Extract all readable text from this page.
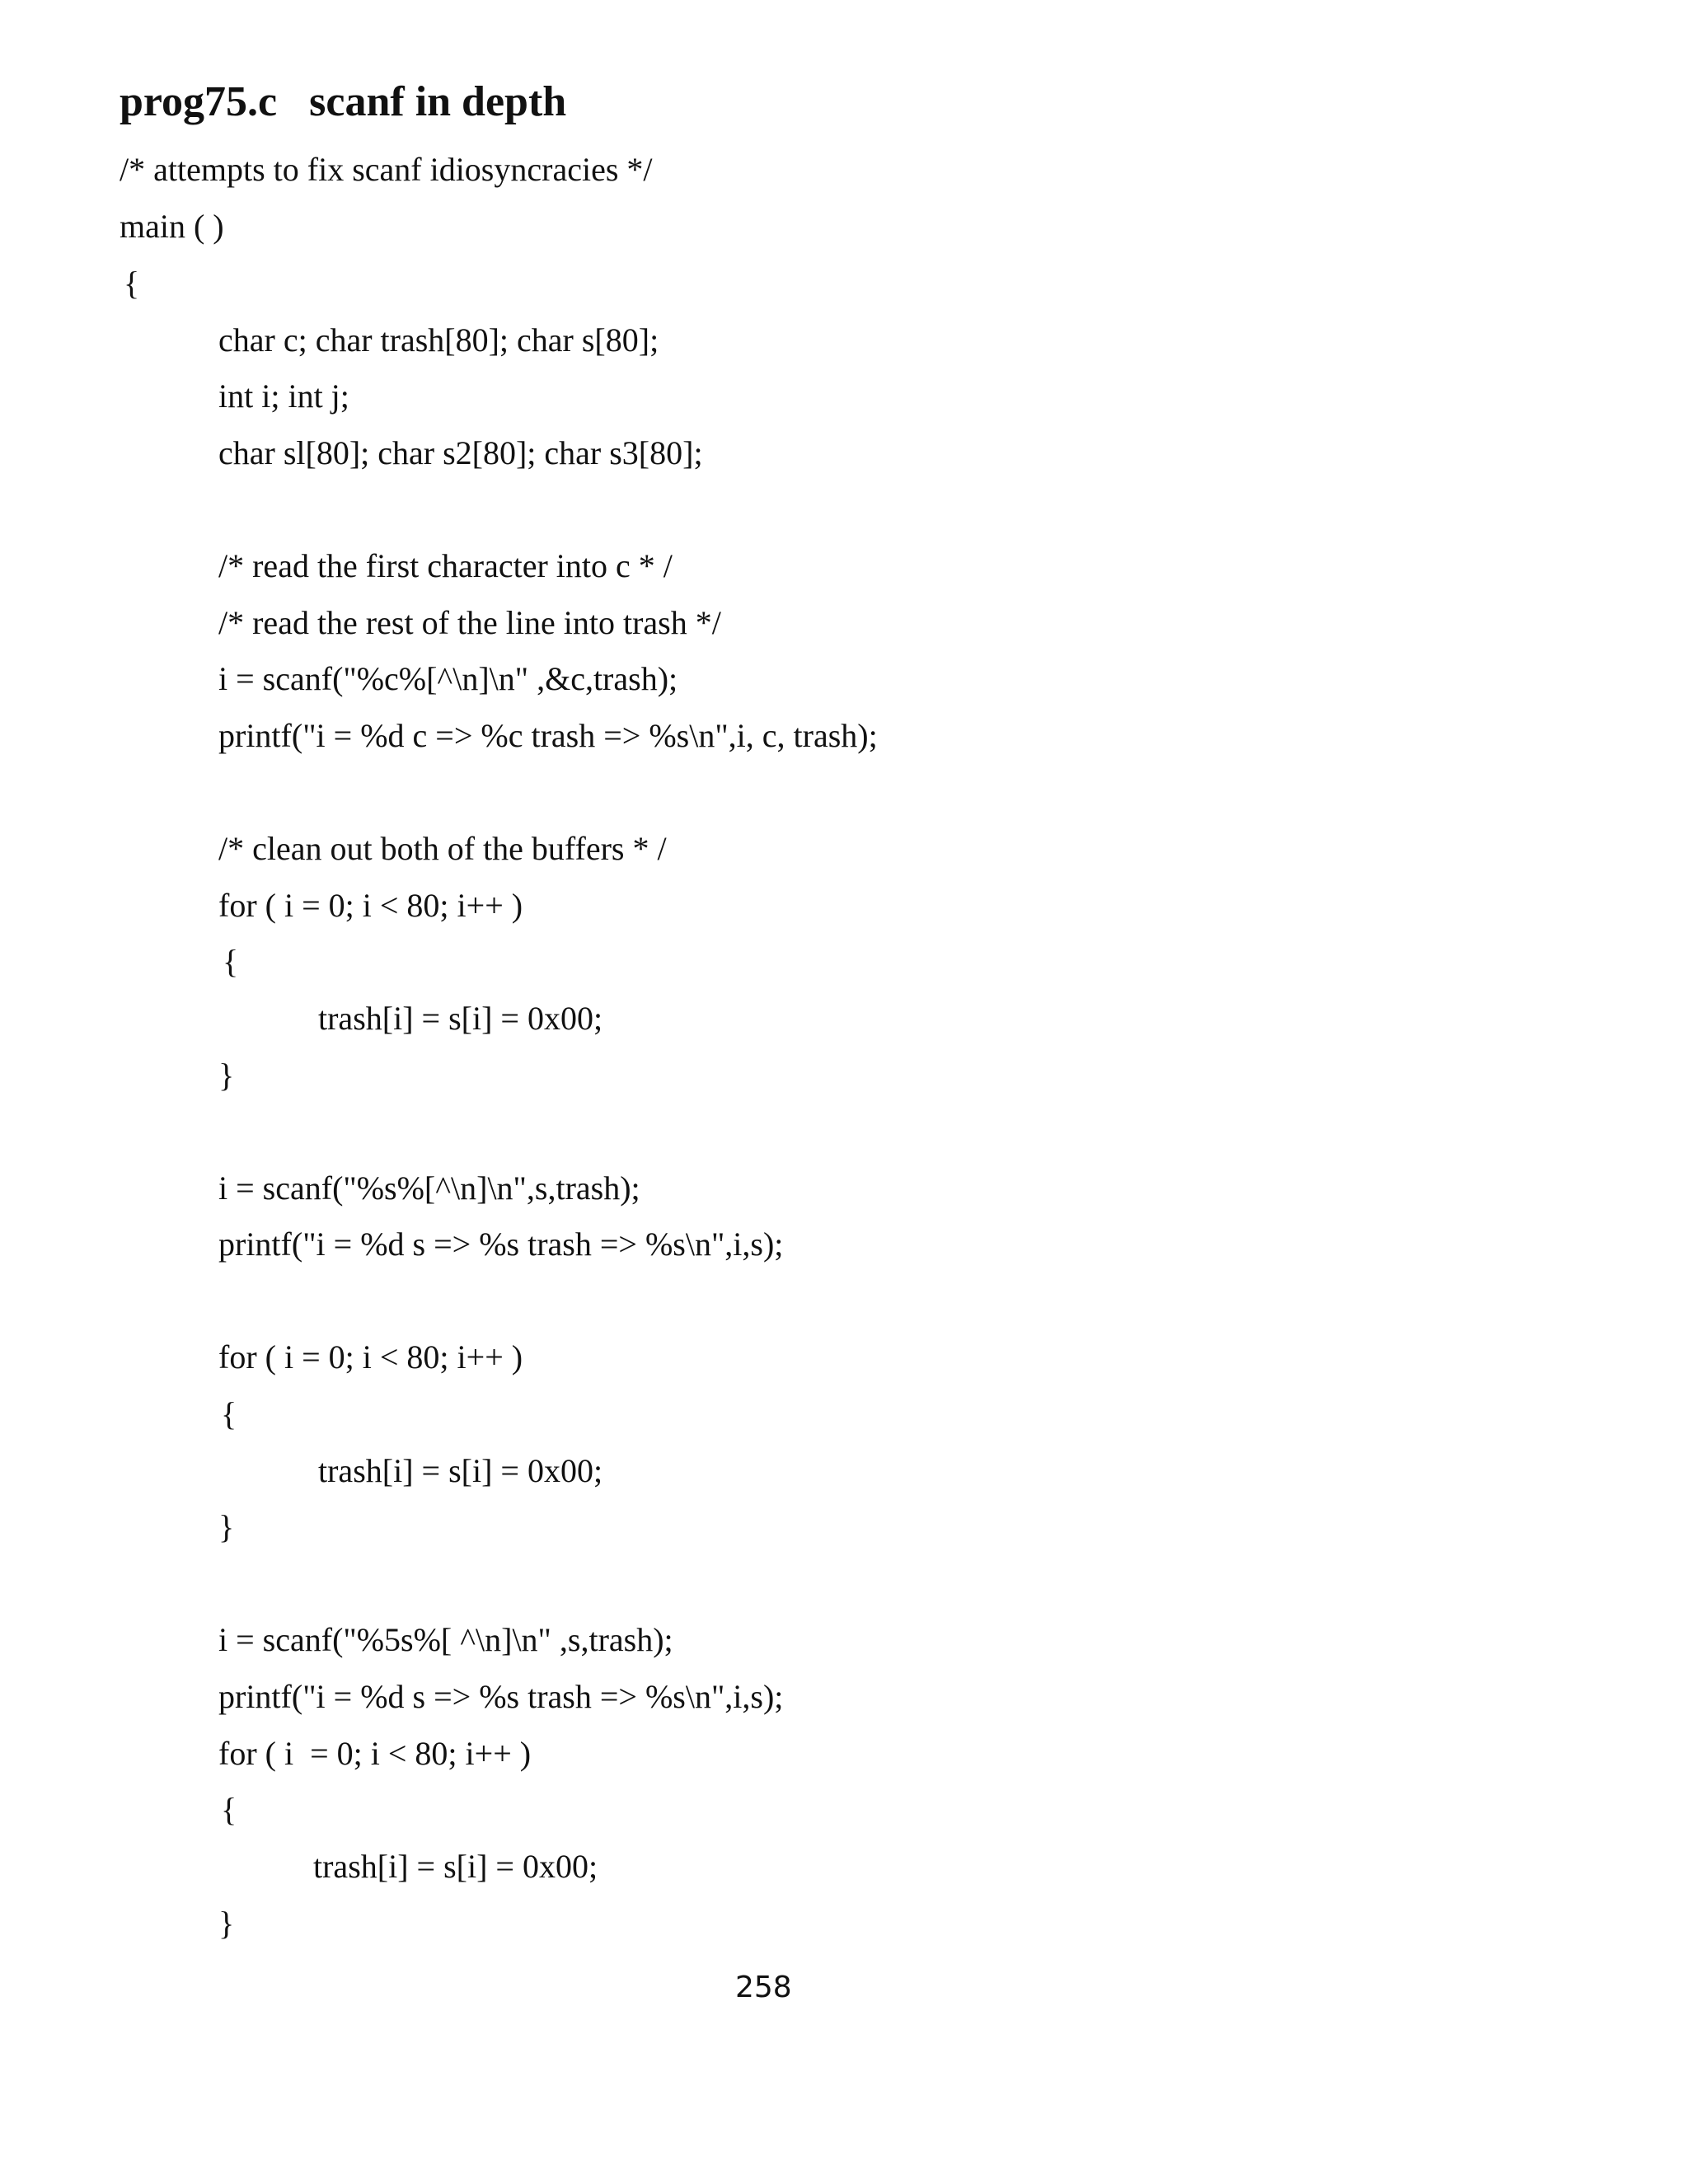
prog75.c   scanf in depth
/* attempts to fix scanf idiosyncracies */
main ( )
{
char c; char trash[80]; char s[80];
int i; int j;
char sl[80]; char s2[80]; char s3[80];
/* read the first character into c * /
/* read the rest of the line into trash */
i = scanf("%c%[^\n]\n" ,&c,trash);
printf("i = %d c => %c trash => %s\n",i, c, trash);
/* clean out both of the buffers * /
for ( i = 0; i < 80; i++ )
{
trash[i] = s[i] = 0x00;
}
i = scanf("%s%[^\n]\n",s,trash);
printf("i = %d s => %s trash => %s\n",i,s);
for ( i = 0; i < 80; i++ )
{
trash[i] = s[i] = 0x00;
}
i = scanf("%5s%[ ^\n]\n" ,s,trash);
printf("i = %d s => %s trash => %s\n",i,s);
for ( i  = 0; i < 80; i++ )
{
trash[i] = s[i] = 0x00;
}
258
